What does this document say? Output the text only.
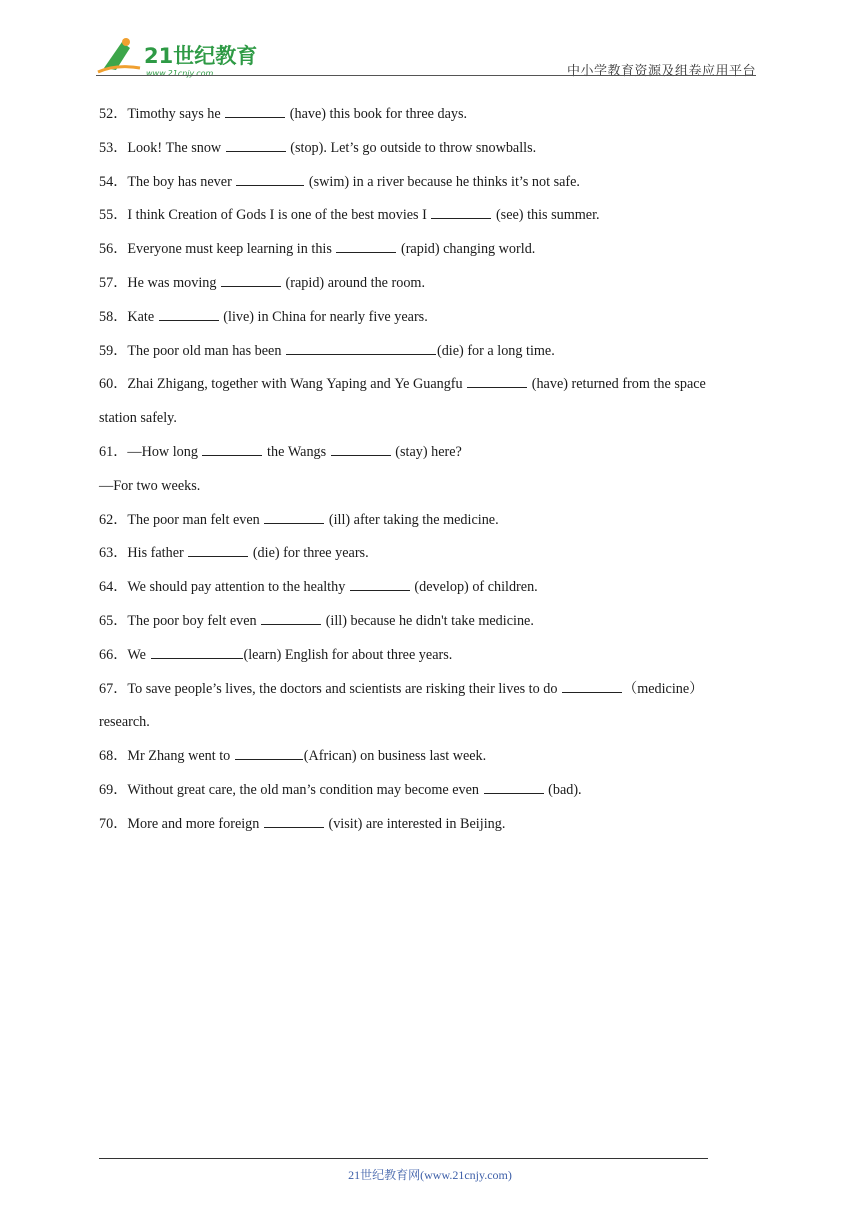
21世纪教育
www.21cnjy.com	中小学教育资源及组卷应用平台
52．Timothy says he	(have) this book for three days.
53．Look! The snow	(stop). Let’s go outside to throw snowballs.
54．The boy has never	(swim) in a river because he thinks it’s not safe.
55．I think Creation of Gods I is one of the best movies I	(see) this summer.
56．Everyone must keep learning in this	(rapid) changing world.
57．He was moving	(rapid) around the room.
58．Kate	(live) in China for nearly five years.
59．The poor old man has been	(die) for a long time.
60．Zhai Zhigang, together with Wang Yaping and Ye Guangfu	(have) returned from the space
station safely.
61．—How long	the Wangs	(stay) here?
—For two weeks.
62．The poor man felt even	(ill) after taking the medicine.
63．His father	(die) for three years.
64．We should pay attention to the healthy	(develop) of children.
65．The poor boy felt even	(ill) because he didn't take medicine.
66．We	(learn) English for about three years.
67．To save people’s lives, the doctors and scientists are risking their lives to do	（medicine）
research.
68．Mr Zhang went to	(African) on business last week.
69．Without great care, the old man’s condition may become even	(bad).
70．More and more foreign	(visit) are interested in Beijing.
21世纪教育网(www.21cnjy.com)
